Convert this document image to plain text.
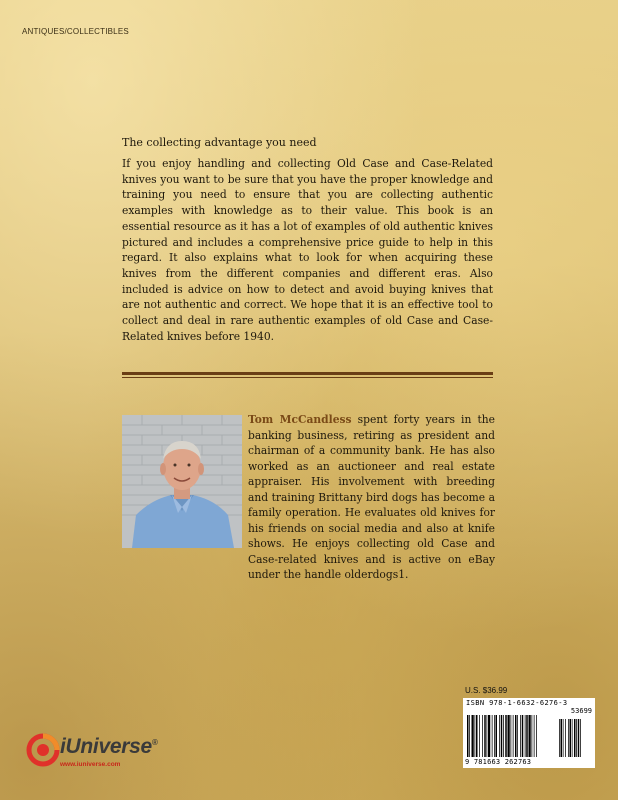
ANTIQUES/COLLECTIBLES
The collecting advantage you need

If you enjoy handling and collecting Old Case and Case-Related knives you want to be sure that you have the proper knowledge and training you need to ensure that you are collecting authentic examples with knowledge as to their value. This book is an essential resource as it has a lot of examples of old authentic knives pictured and includes a comprehensive price guide to help in this regard. It also explains what to look for when acquiring these knives from the different companies and different eras. Also included is advice on how to detect and avoid buying knives that are not authentic and correct. We hope that it is an effective tool to collect and deal in rare authentic examples of old Case and Case-Related knives before 1940.

Tom McCandless spent forty years in the banking business, retiring as president and chairman of a community bank. He has also worked as an auctioneer and real estate appraiser. His involvement with breeding and training Brittany bird dogs has become a family operation. He evaluates old knives for his friends on social media and also at knife shows. He enjoys collecting old Case and Case-related knives and is active on eBay under the handle olderdogs1.

iUniverse®
www.iuniverse.com
U.S. $36.99
ISBN 978-1-6632-6276-3
53699
9 781663 262763
